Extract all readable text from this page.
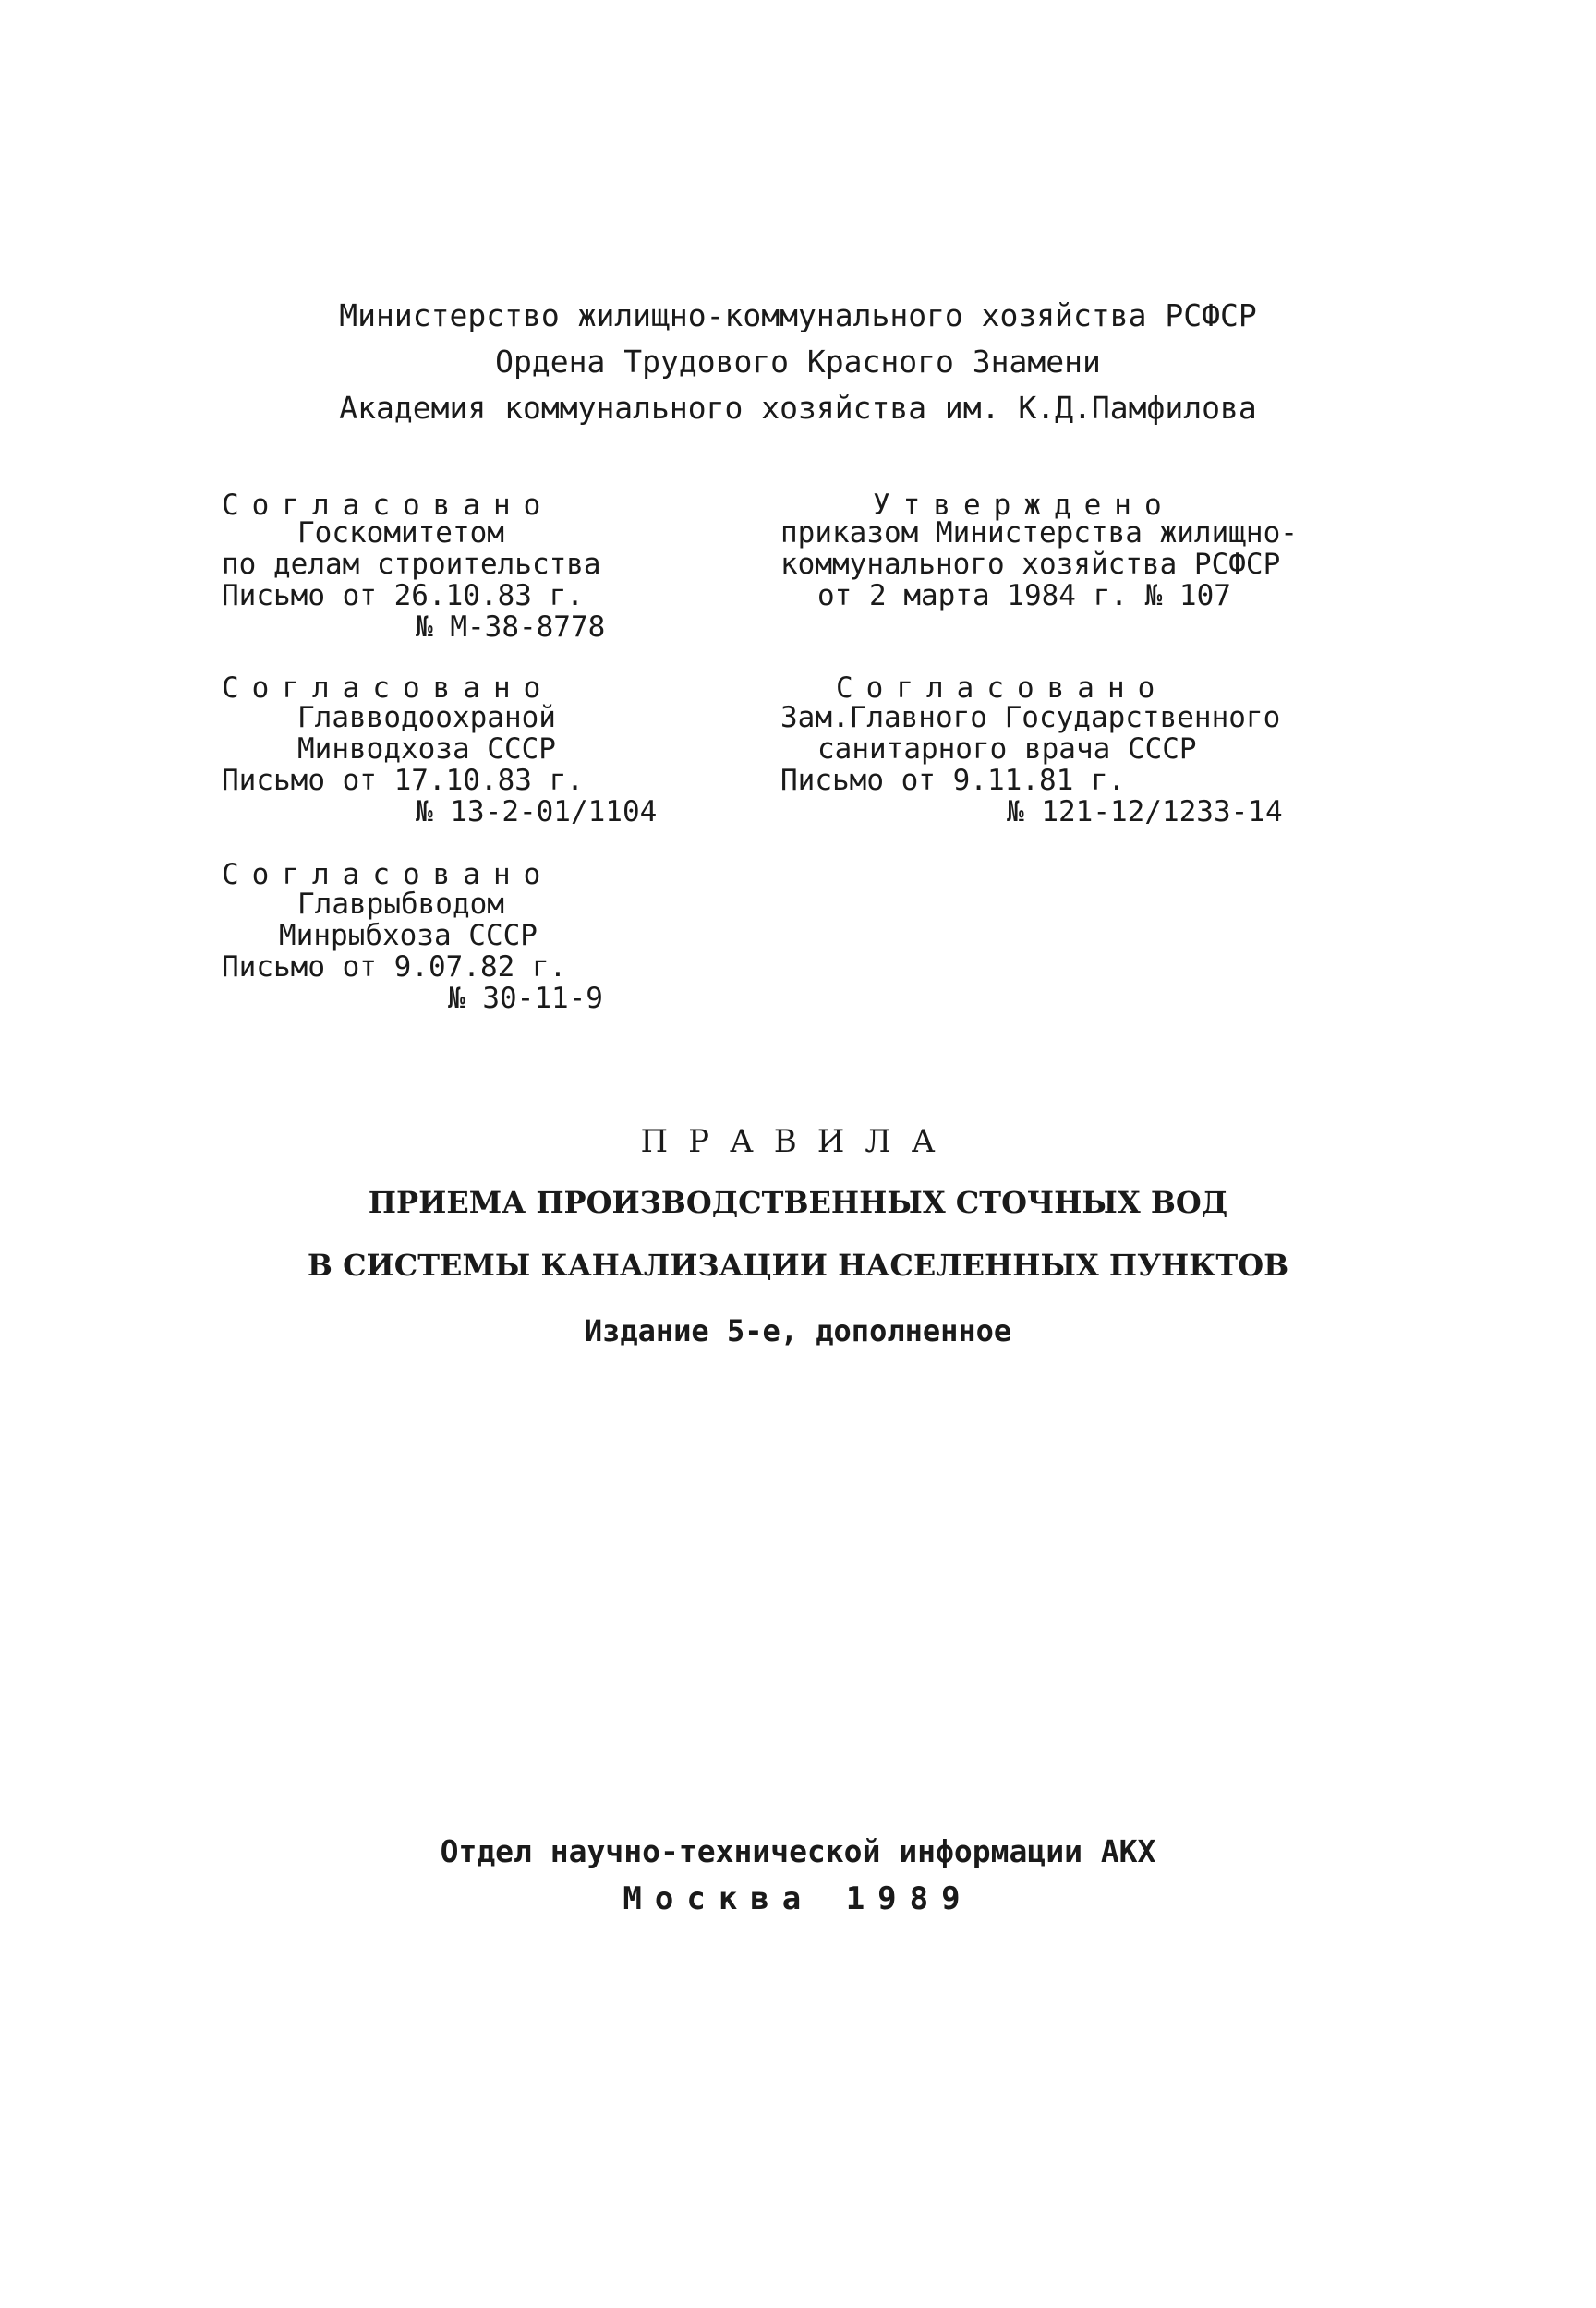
Министерство жилищно-коммунального хозяйства РСФСР
Ордена Трудового Красного Знамени
Академия коммунального хозяйства им. К.Д.Памфилова
Согласовано
Госкомитетом
по делам строительства
Письмо от 26.10.83 г.
№ М-38-8778
Утверждено
приказом Министерства жилищно-
коммунального хозяйства РСФСР
от 2 марта 1984 г. № 107
Согласовано
Главводоохраной
Минводхоза СССР
Письмо от 17.10.83 г.
№ 13-2-01/1104
Согласовано
Зам.Главного Государственного
санитарного врача СССР
Письмо от 9.11.81 г.
№ 121-12/1233-14
Согласовано
Главрыбводом
Минрыбхоза СССР
Письмо от 9.07.82 г.
№ 30-11-9
ПРАВИЛА
ПРИЕМА ПРОИЗВОДСТВЕННЫХ СТОЧНЫХ ВОД
В СИСТЕМЫ КАНАЛИЗАЦИИ НАСЕЛЕННЫХ ПУНКТОВ
Издание 5-е, дополненное
Отдел научно-технической информации АКХ
Москва 1989
